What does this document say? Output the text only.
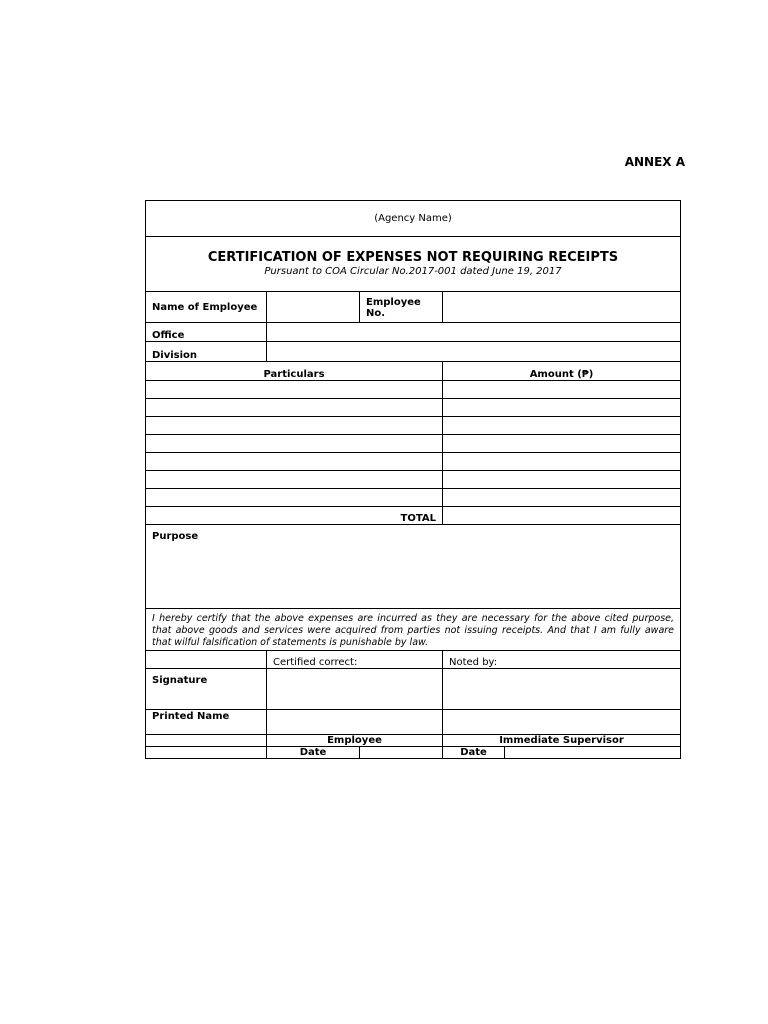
ANNEX A
(Agency Name)				

CERTIFICATION OF EXPENSES NOT REQUIRING RECEIPTS
Pursuant to COA Circular No.2017-001 dated June 19, 2017				

Name of Employee		Employee No.		
Office				
Division				
Particulars			Amount (₱)	

TOTAL				
Purpose				
I hereby certify that the above expenses are incurred as they are necessary for the above cited purpose, that above goods and services were acquired from parties not issuing receipts. And that I am fully aware that wilful falsification of statements is punishable by law.				
	Certified correct:		Noted by:	
Signature				
Printed Name				
	Employee		Immediate Supervisor	
	Date		Date	
